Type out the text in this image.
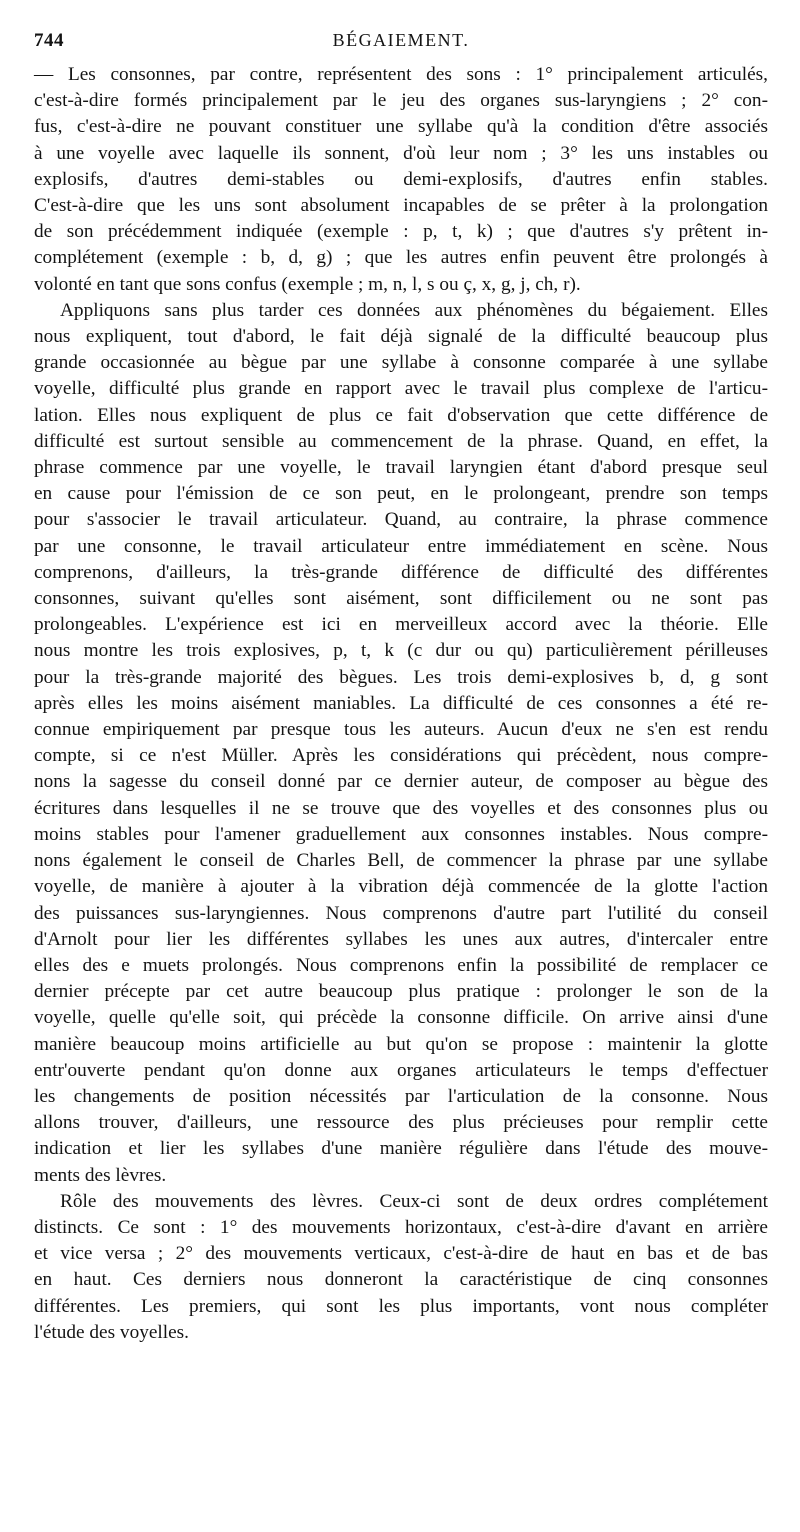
744	BÉGAIEMENT.
— Les consonnes, par contre, représentent des sons : 1° principalement articulés,
c'est-à-dire formés principalement par le jeu des organes sus-laryngiens ; 2° con-
fus, c'est-à-dire ne pouvant constituer une syllabe qu'à la condition d'être associés
à une voyelle avec laquelle ils sonnent, d'où leur nom ; 3° les uns instables ou
explosifs, d'autres demi-stables ou demi-explosifs, d'autres enfin stables.
C'est-à-dire que les uns sont absolument incapables de se prêter à la prolongation
de son précédemment indiquée (exemple : p, t, k) ; que d'autres s'y prêtent in-
complétement (exemple : b, d, g) ; que les autres enfin peuvent être prolongés à
volonté en tant que sons confus (exemple ; m, n, l, s ou ç, x, g, j, ch, r).
Appliquons sans plus tarder ces données aux phénomènes du bégaiement. Elles
nous expliquent, tout d'abord, le fait déjà signalé de la difficulté beaucoup plus
grande occasionnée au bègue par une syllabe à consonne comparée à une syllabe
voyelle, difficulté plus grande en rapport avec le travail plus complexe de l'articu-
lation. Elles nous expliquent de plus ce fait d'observation que cette différence de
difficulté est surtout sensible au commencement de la phrase. Quand, en effet, la
phrase commence par une voyelle, le travail laryngien étant d'abord presque seul
en cause pour l'émission de ce son peut, en le prolongeant, prendre son temps
pour s'associer le travail articulateur. Quand, au contraire, la phrase commence
par une consonne, le travail articulateur entre immédiatement en scène. Nous
comprenons, d'ailleurs, la très-grande différence de difficulté des différentes
consonnes, suivant qu'elles sont aisément, sont difficilement ou ne sont pas
prolongeables. L'expérience est ici en merveilleux accord avec la théorie. Elle
nous montre les trois explosives, p, t, k (c dur ou qu) particulièrement périlleuses
pour la très-grande majorité des bègues. Les trois demi-explosives b, d, g sont
après elles les moins aisément maniables. La difficulté de ces consonnes a été re-
connue empiriquement par presque tous les auteurs. Aucun d'eux ne s'en est rendu
compte, si ce n'est Müller. Après les considérations qui précèdent, nous compre-
nons la sagesse du conseil donné par ce dernier auteur, de composer au bègue des
écritures dans lesquelles il ne se trouve que des voyelles et des consonnes plus ou
moins stables pour l'amener graduellement aux consonnes instables. Nous compre-
nons également le conseil de Charles Bell, de commencer la phrase par une syllabe
voyelle, de manière à ajouter à la vibration déjà commencée de la glotte l'action
des puissances sus-laryngiennes. Nous comprenons d'autre part l'utilité du conseil
d'Arnolt pour lier les différentes syllabes les unes aux autres, d'intercaler entre
elles des e muets prolongés. Nous comprenons enfin la possibilité de remplacer ce
dernier précepte par cet autre beaucoup plus pratique : prolonger le son de la
voyelle, quelle qu'elle soit, qui précède la consonne difficile. On arrive ainsi d'une
manière beaucoup moins artificielle au but qu'on se propose : maintenir la glotte
entr'ouverte pendant qu'on donne aux organes articulateurs le temps d'effectuer
les changements de position nécessités par l'articulation de la consonne. Nous
allons trouver, d'ailleurs, une ressource des plus précieuses pour remplir cette
indication et lier les syllabes d'une manière régulière dans l'étude des mouve-
ments des lèvres.
Rôle des mouvements des lèvres. Ceux-ci sont de deux ordres complétement
distincts. Ce sont : 1° des mouvements horizontaux, c'est-à-dire d'avant en arrière
et vice versa ; 2° des mouvements verticaux, c'est-à-dire de haut en bas et de bas
en haut. Ces derniers nous donneront la caractéristique de cinq consonnes
différentes. Les premiers, qui sont les plus importants, vont nous compléter
l'étude des voyelles.
